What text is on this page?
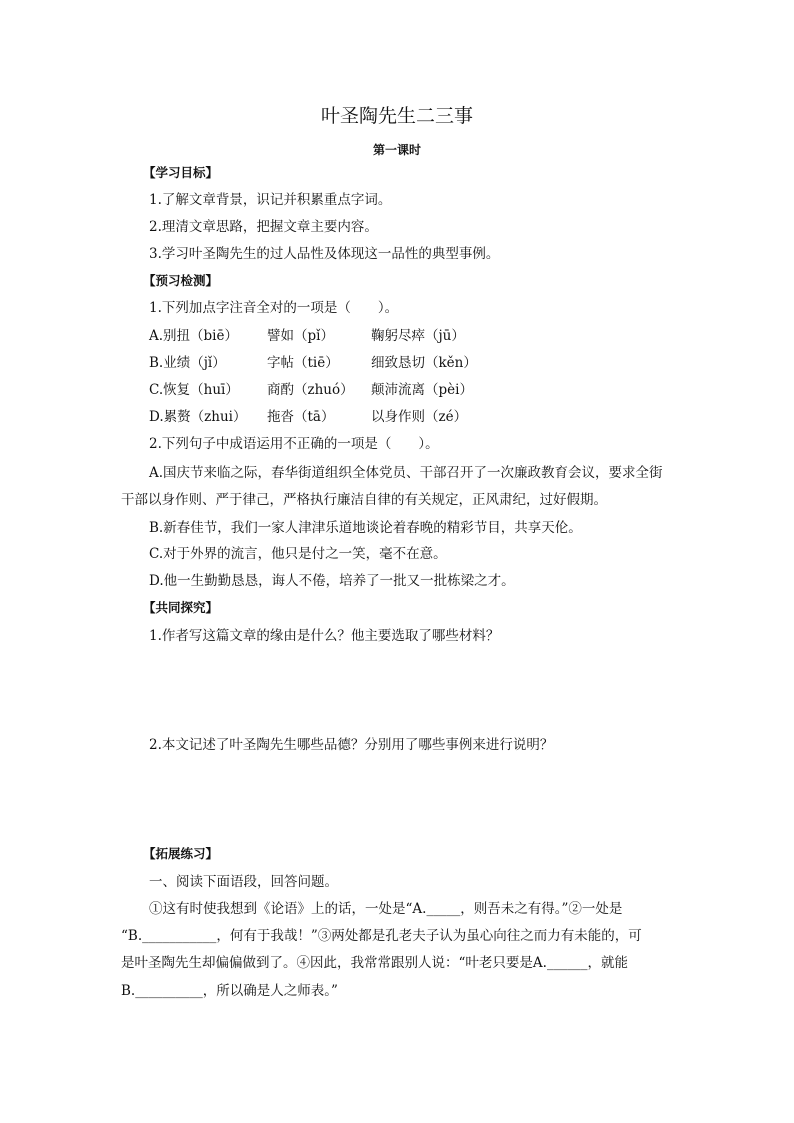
叶圣陶先生二三事
第一课时
【学习目标】
1.了解文章背景，识记并积累重点字词。
2.理清文章思路，把握文章主要内容。
3.学习叶圣陶先生的过人品性及体现这一品性的典型事例。
【预习检测】
1.下列加点字注音全对的一项是（　　）。
A.别扭（biē） 譬如（pǐ）	鞠躬尽瘁（jū）
B.业绩（jǐ）	字帖（tiē） 细致恳切（kěn）
C.恢复（huī） 商酌（zhuó） 颠沛流离（pèi）
D.累赘（zhui） 拖沓（tā）	以身作则（zé）
2.下列句子中成语运用不正确的一项是（　　）。
A.国庆节来临之际，春华街道组织全体党员、干部召开了一次廉政教育会议，要求全街
干部以身作则、严于律己，严格执行廉洁自律的有关规定，正风肃纪，过好假期。
B.新春佳节，我们一家人津津乐道地谈论着春晚的精彩节目，共享天伦。
C.对于外界的流言，他只是付之一笑，毫不在意。
D.他一生勤勤恳恳，诲人不倦，培养了一批又一批栋梁之才。
【共同探究】
1.作者写这篇文章的缘由是什么？他主要选取了哪些材料？
2.本文记述了叶圣陶先生哪些品德？分别用了哪些事例来进行说明？
【拓展练习】
一、阅读下面语段，回答问题。
①这有时使我想到《论语》上的话，一处是“A._____，则吾未之有得。”②一处是
“B.___________，何有于我哉！”③两处都是孔老夫子认为虽心向往之而力有未能的，可
是叶圣陶先生却偏偏做到了。④因此，我常常跟别人说：“叶老只要是A.______，就能
B.__________，所以确是人之师表。”
